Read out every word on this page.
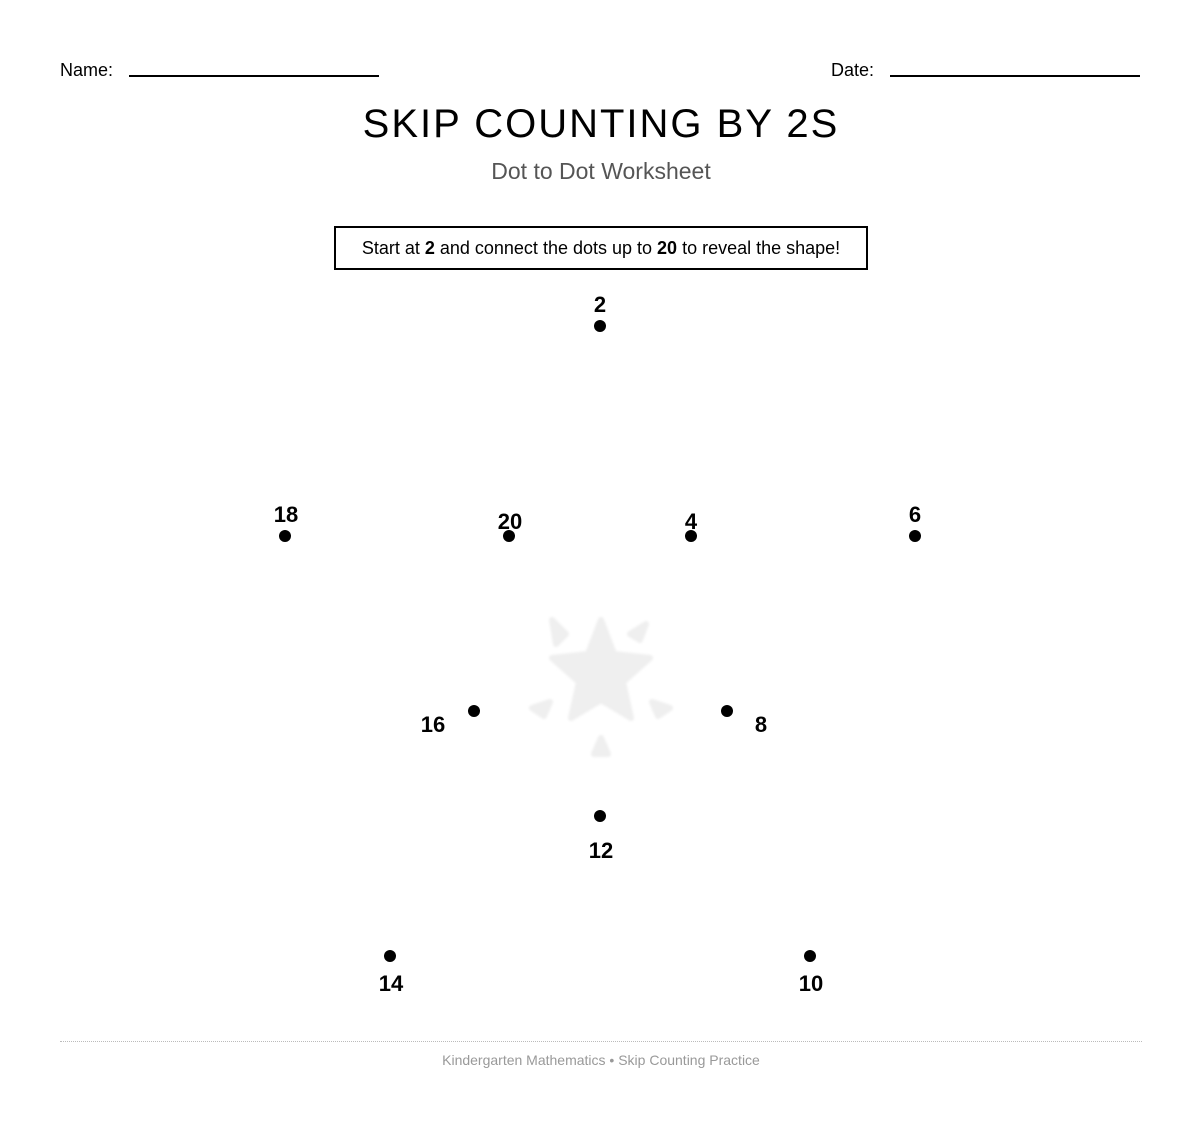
Name:	Date:
SKIP COUNTING BY 2S
Dot to Dot Worksheet
Start at 2 and connect the dots up to 20 to reveal the shape!
2
4	6
8
10
12
14
16
18	20
Kindergarten Mathematics • Skip Counting Practice
